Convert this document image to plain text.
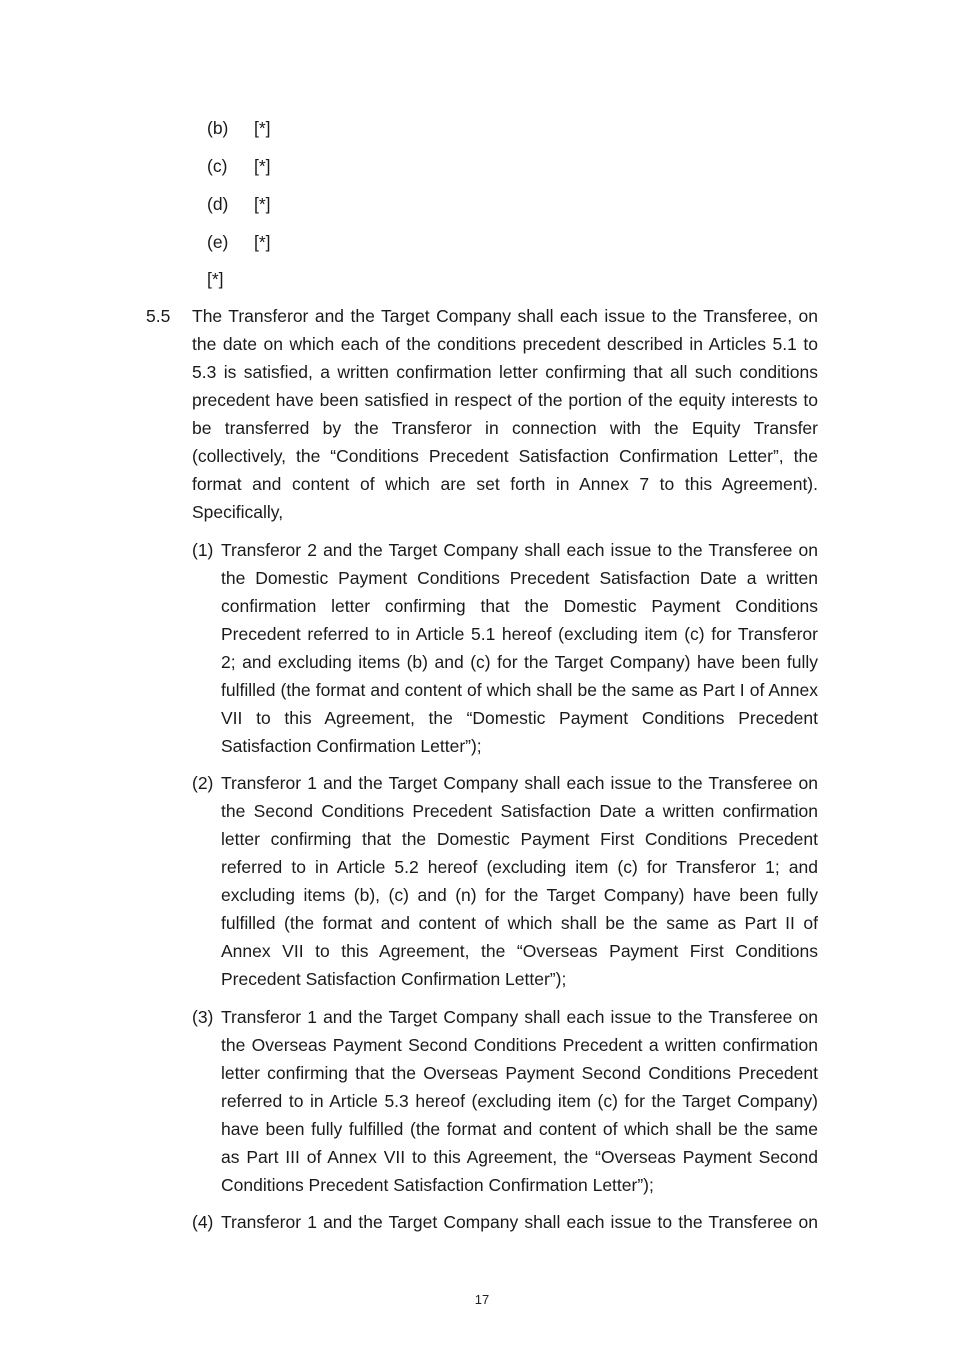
(b) [*]
(c) [*]
(d) [*]
(e) [*]
[*]
5.5 The Transferor and the Target Company shall each issue to the Transferee, on the date on which each of the conditions precedent described in Articles 5.1 to 5.3 is satisfied, a written confirmation letter confirming that all such conditions precedent have been satisfied in respect of the portion of the equity interests to be transferred by the Transferor in connection with the Equity Transfer (collectively, the “Conditions Precedent Satisfaction Confirmation Letter”, the format and content of which are set forth in Annex 7 to this Agreement). Specifically,
(1) Transferor 2 and the Target Company shall each issue to the Transferee on the Domestic Payment Conditions Precedent Satisfaction Date a written confirmation letter confirming that the Domestic Payment Conditions Precedent referred to in Article 5.1 hereof (excluding item (c) for Transferor 2; and excluding items (b) and (c) for the Target Company) have been fully fulfilled (the format and content of which shall be the same as Part I of Annex VII to this Agreement, the “Domestic Payment Conditions Precedent Satisfaction Confirmation Letter”);
(2) Transferor 1 and the Target Company shall each issue to the Transferee on the Second Conditions Precedent Satisfaction Date a written confirmation letter confirming that the Domestic Payment First Conditions Precedent referred to in Article 5.2 hereof (excluding item (c) for Transferor 1; and excluding items (b), (c) and (n) for the Target Company) have been fully fulfilled (the format and content of which shall be the same as Part II of Annex VII to this Agreement, the “Overseas Payment First Conditions Precedent Satisfaction Confirmation Letter”);
(3) Transferor 1 and the Target Company shall each issue to the Transferee on the Overseas Payment Second Conditions Precedent a written confirmation letter confirming that the Overseas Payment Second Conditions Precedent referred to in Article 5.3 hereof (excluding item (c) for the Target Company) have been fully fulfilled (the format and content of which shall be the same as Part III of Annex VII to this Agreement, the “Overseas Payment Second Conditions Precedent Satisfaction Confirmation Letter”);
(4) Transferor 1 and the Target Company shall each issue to the Transferee on
17
